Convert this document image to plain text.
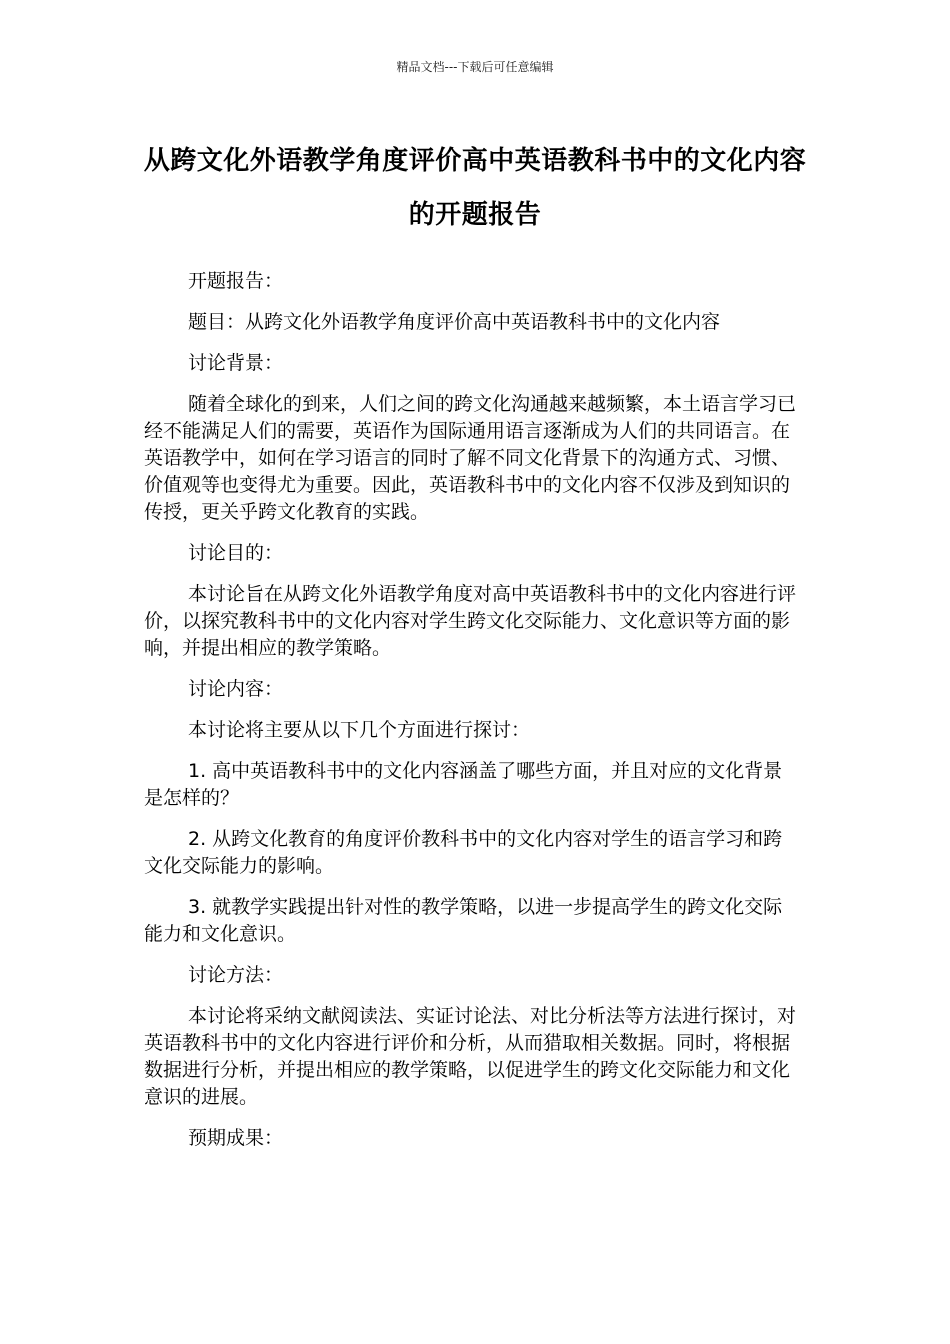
精品文档---下载后可任意编辑
从跨文化外语教学角度评价高中英语教科书中的文化内容的开题报告

开题报告：

题目：从跨文化外语教学角度评价高中英语教科书中的文化内容

讨论背景：

随着全球化的到来，人们之间的跨文化沟通越来越频繁，本土语言学习已经不能满足人们的需要，英语作为国际通用语言逐渐成为人们的共同语言。在英语教学中，如何在学习语言的同时了解不同文化背景下的沟通方式、习惯、价值观等也变得尤为重要。因此，英语教科书中的文化内容不仅涉及到知识的传授，更关乎跨文化教育的实践。

讨论目的：

本讨论旨在从跨文化外语教学角度对高中英语教科书中的文化内容进行评价，以探究教科书中的文化内容对学生跨文化交际能力、文化意识等方面的影响，并提出相应的教学策略。

讨论内容：

本讨论将主要从以下几个方面进行探讨：

1. 高中英语教科书中的文化内容涵盖了哪些方面，并且对应的文化背景是怎样的？

2. 从跨文化教育的角度评价教科书中的文化内容对学生的语言学习和跨文化交际能力的影响。

3. 就教学实践提出针对性的教学策略，以进一步提高学生的跨文化交际能力和文化意识。

讨论方法：

本讨论将采纳文献阅读法、实证讨论法、对比分析法等方法进行探讨，对英语教科书中的文化内容进行评价和分析，从而猎取相关数据。同时，将根据数据进行分析，并提出相应的教学策略，以促进学生的跨文化交际能力和文化意识的进展。

预期成果：
